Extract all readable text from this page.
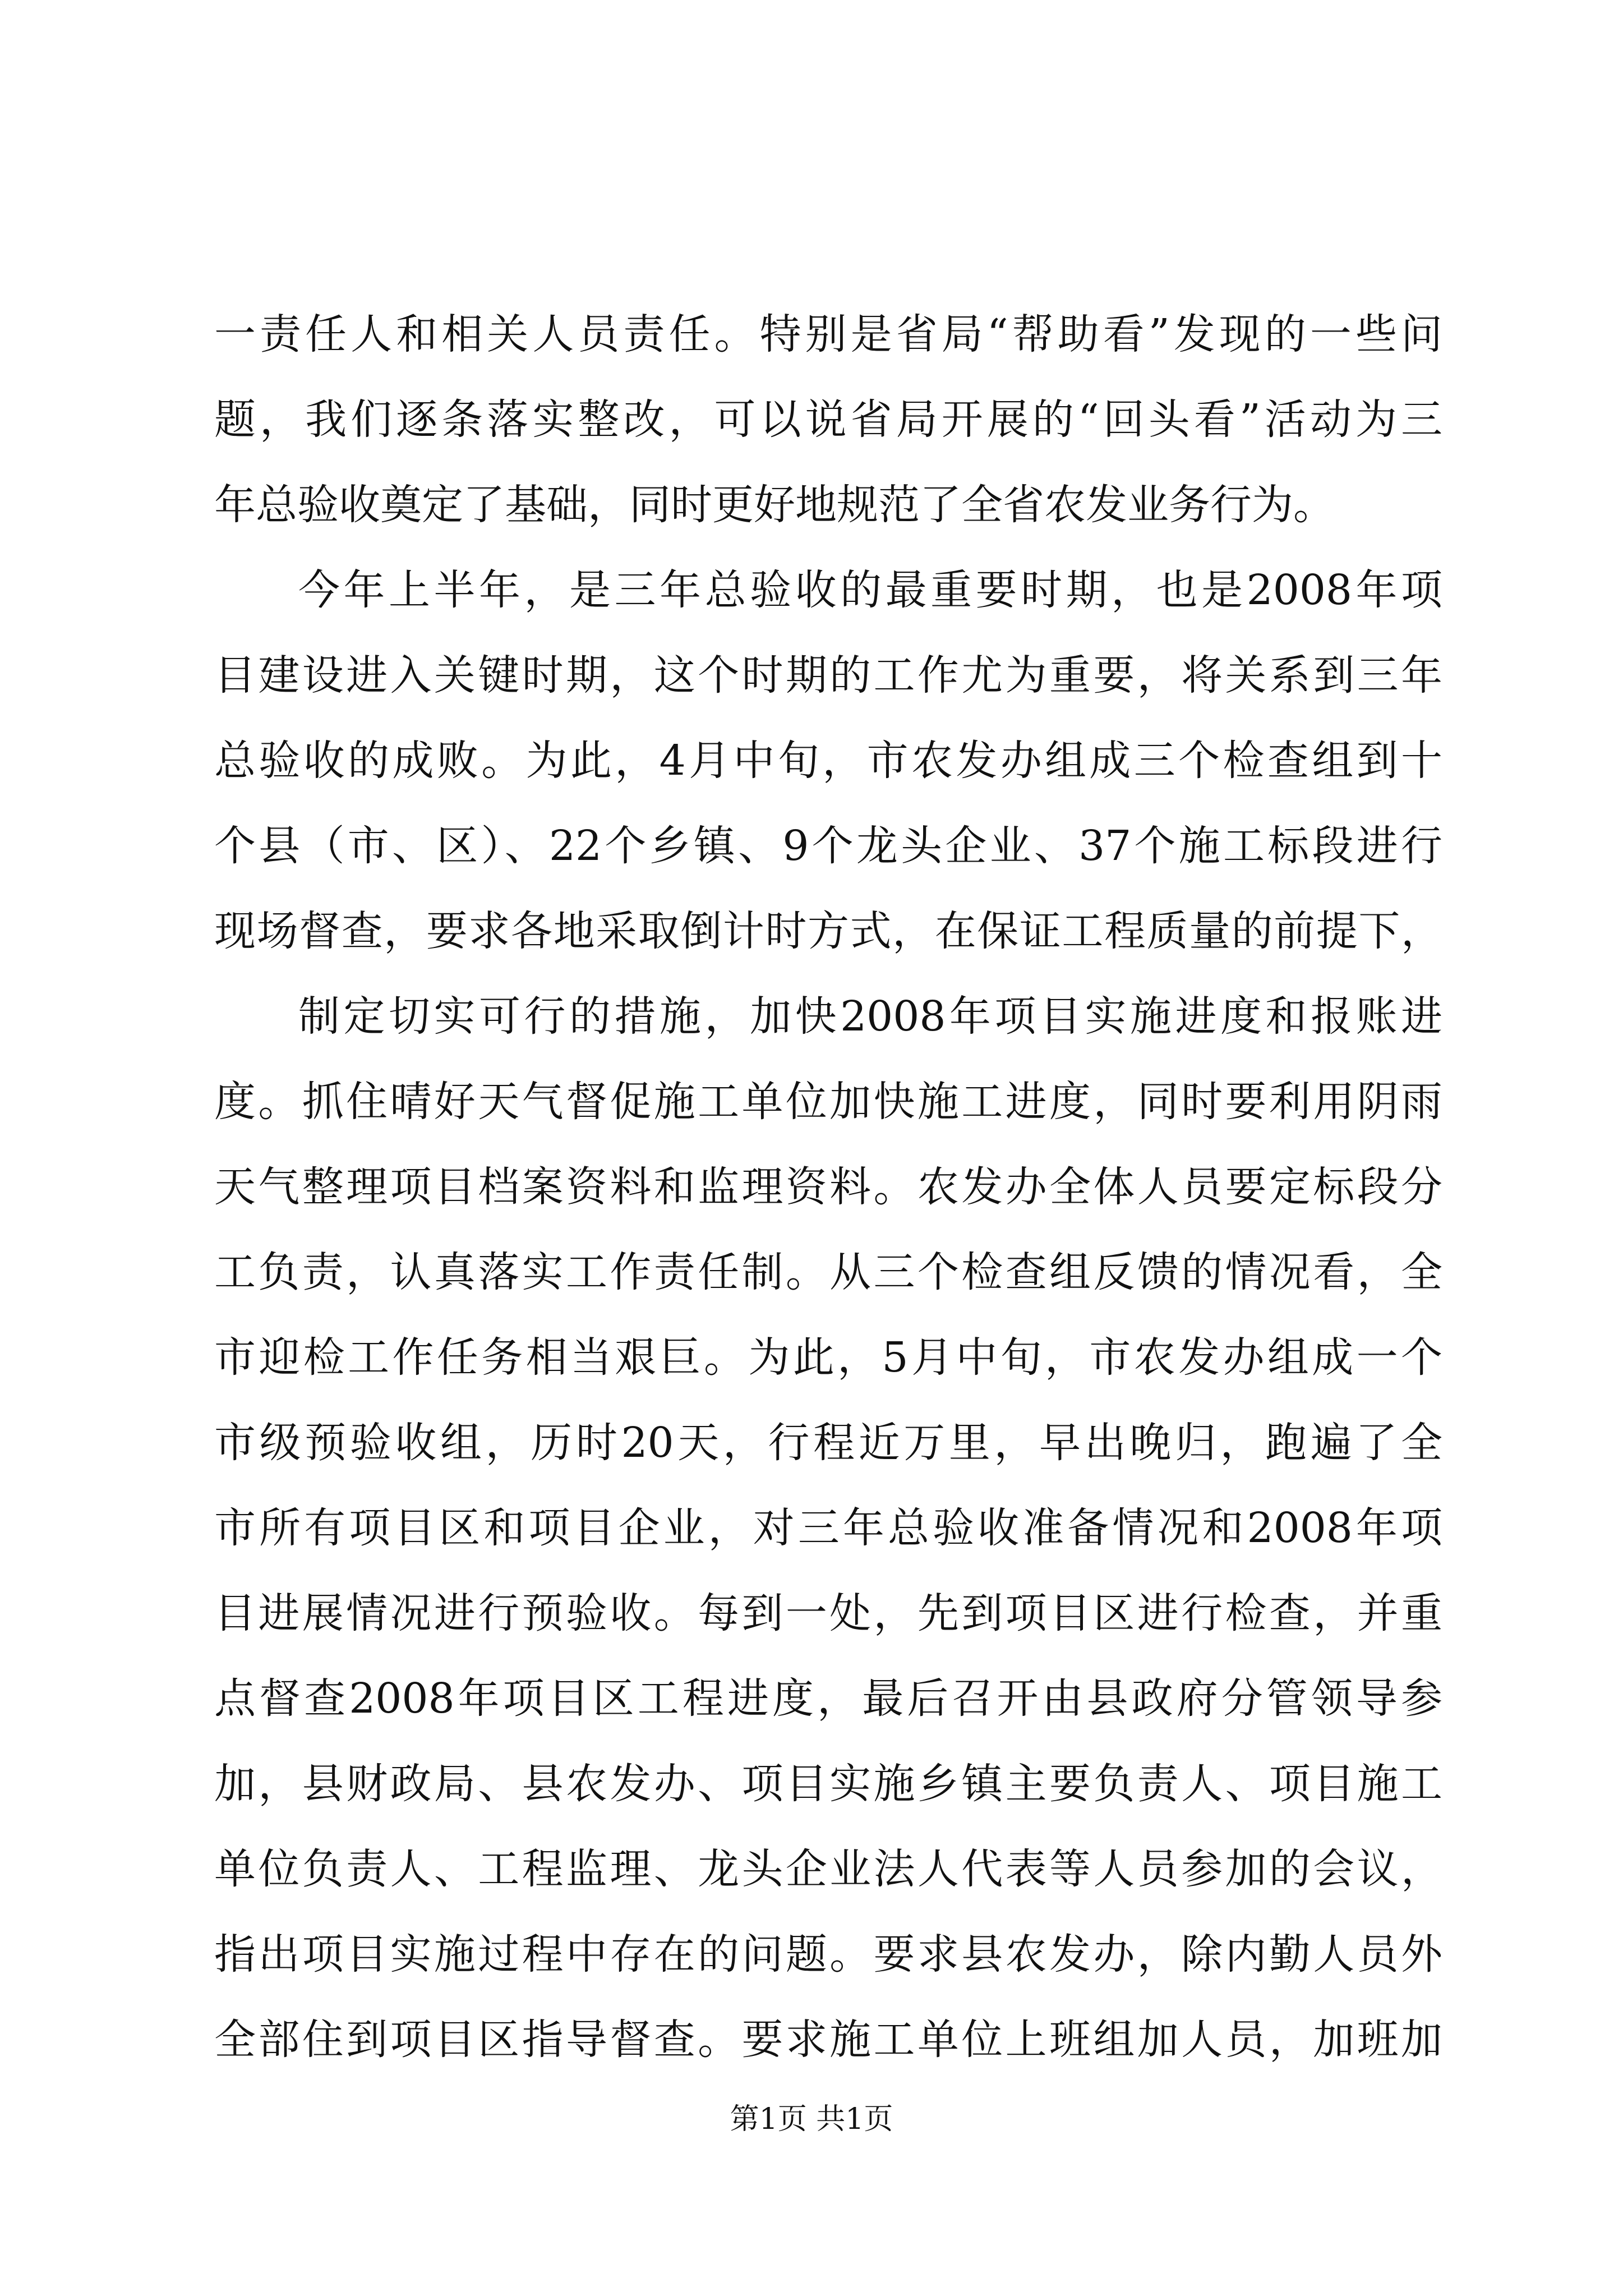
一责任人和相关人员责任。特别是省局“帮助看”发现的一些问
题，我们逐条落实整改，可以说省局开展的“回头看”活动为三
年总验收奠定了基础，同时更好地规范了全省农发业务行为。
今年上半年，是三年总验收的最重要时期，也是2008年项
目建设进入关键时期，这个时期的工作尤为重要，将关系到三年
总验收的成败。为此，4月中旬，市农发办组成三个检查组到十
个县（市、区）、22个乡镇、9个龙头企业、37个施工标段进行
现场督查，要求各地采取倒计时方式，在保证工程质量的前提下，
制定切实可行的措施，加快2008年项目实施进度和报账进
度。抓住晴好天气督促施工单位加快施工进度，同时要利用阴雨
天气整理项目档案资料和监理资料。农发办全体人员要定标段分
工负责，认真落实工作责任制。从三个检查组反馈的情况看，全
市迎检工作任务相当艰巨。为此，5月中旬，市农发办组成一个
市级预验收组，历时20天，行程近万里，早出晚归，跑遍了全
市所有项目区和项目企业，对三年总验收准备情况和2008年项
目进展情况进行预验收。每到一处，先到项目区进行检查，并重
点督查2008年项目区工程进度，最后召开由县政府分管领导参
加，县财政局、县农发办、项目实施乡镇主要负责人、项目施工
单位负责人、工程监理、龙头企业法人代表等人员参加的会议，
指出项目实施过程中存在的问题。要求县农发办，除内勤人员外
全部住到项目区指导督查。要求施工单位上班组加人员，加班加
第1页 共1页
